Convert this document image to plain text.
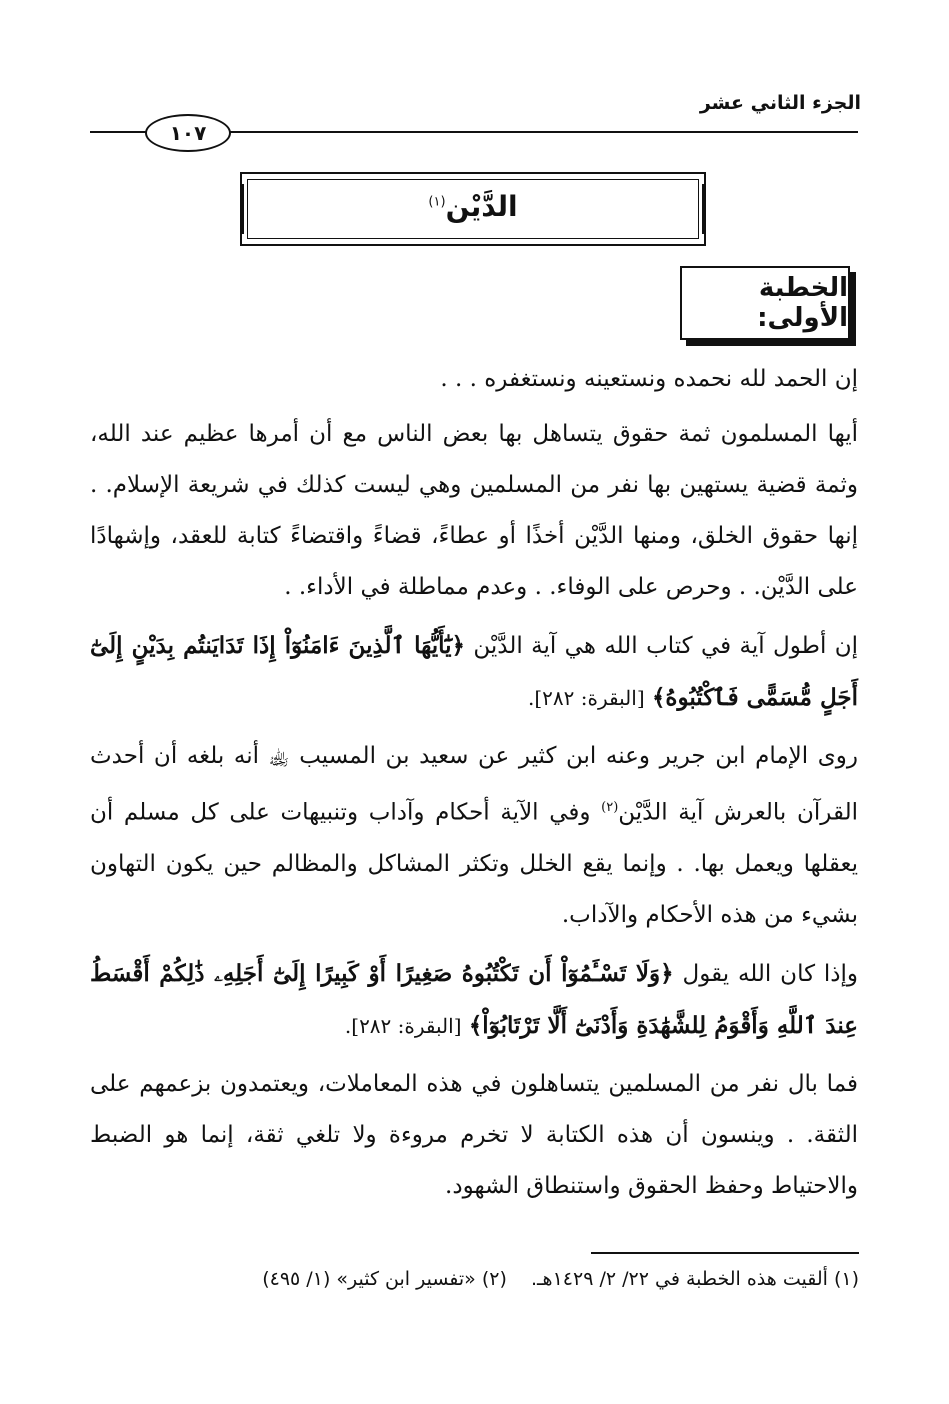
الجزء الثاني عشر
١٠٧
الدَّيْن$^{(١)}$
الخطبة الأولى:

إن الحمد لله نحمده ونستعينه ونستغفره . . .

أيها المسلمون ثمة حقوق يتساهل بها بعض الناس مع أن أمرها عظيم عند الله، وثمة قضية يستهين بها نفر من المسلمين وهي ليست كذلك في شريعة الإسلام. . إنها حقوق الخلق، ومنها الدَّيْن أخذًا أو عطاءً، قضاءً واقتضاءً كتابة للعقد، وإشهادًا على الدَّيْن. . وحرص على الوفاء. . وعدم مماطلة في الأداء. .

إن أطول آية في كتاب الله هي آية الدَّيْن ﴿يَٰٓأَيُّهَا ٱلَّذِينَ ءَامَنُوٓاْ إِذَا تَدَايَنتُم بِدَيْنٍ إِلَىٰٓ أَجَلٍ مُّسَمًّى فَٱكْتُبُوهُ﴾ [البقرة: ٢٨٢].

روى الإمام ابن جرير وعنه ابن كثير عن سعيد بن المسيب ﵀ أنه بلغه أن أحدث القرآن بالعرش آية الدَّيْن$^{(٢)}$ وفي الآية أحكام وآداب وتنبيهات على كل مسلم أن يعقلها ويعمل بها. . وإنما يقع الخلل وتكثر المشاكل والمظالم حين يكون التهاون بشيء من هذه الأحكام والآداب.

وإذا كان الله يقول ﴿وَلَا تَسْـَٔمُوٓاْ أَن تَكْتُبُوهُ صَغِيرًا أَوْ كَبِيرًا إِلَىٰٓ أَجَلِهِۦ ذَٰلِكُمْ أَقْسَطُ عِندَ ٱللَّهِ وَأَقْوَمُ لِلشَّهَٰدَةِ وَأَدْنَىٰٓ أَلَّا تَرْتَابُوٓاْ﴾ [البقرة: ٢٨٢].

فما بال نفر من المسلمين يتساهلون في هذه المعاملات، ويعتمدون بزعمهم على الثقة. . وينسون أن هذه الكتابة لا تخرم مروءة ولا تلغي ثقة، إنما هو الضبط والاحتياط وحفظ الحقوق واستنطاق الشهود.

(١) ألقيت هذه الخطبة في ٢٢/ ٢/ ١٤٢٩هـ. (٢) «تفسير ابن كثير» (١/ ٤٩٥)
